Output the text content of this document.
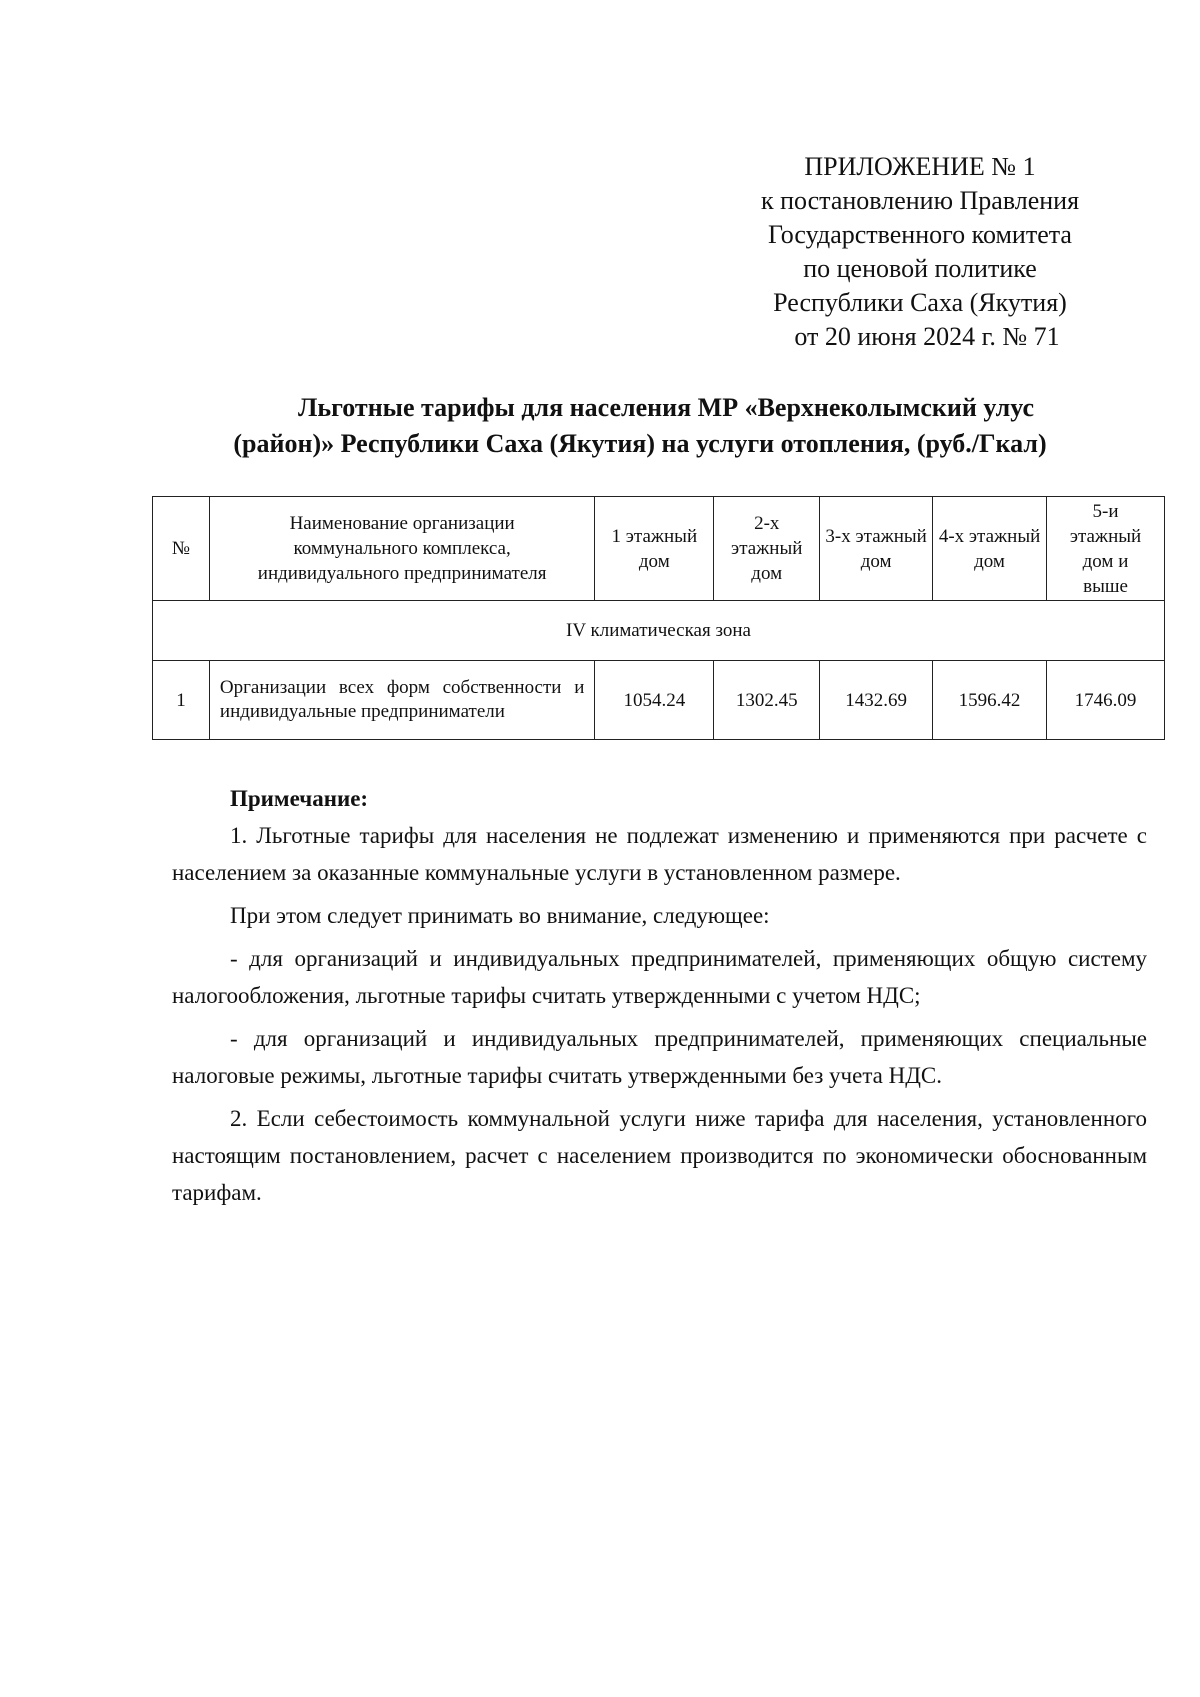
ПРИЛОЖЕНИЕ № 1
к постановлению Правления
Государственного комитета
по ценовой политике
Республики Саха (Якутия)
от 20 июня 2024 г. № 71
Льготные тарифы для населения МР «Верхнеколымский улус
(район)» Республики Саха (Якутия) на услуги отопления, (руб./Гкал)
№	Наименование организации коммунального комплекса, индивидуального предпринимателя	1 этажный дом	2-х этажный дом	3-х этажный дом	4-х этажный дом	5-и этажный дом и выше
IV климатическая зона						
1	Организации всех форм собственности и индивидуальные предприниматели	1054.24	1302.45	1432.69	1596.42	1746.09
Примечание:

1. Льготные тарифы для населения не подлежат изменению и применяются при расчете с населением за оказанные коммунальные услуги в установленном размере.

При этом следует принимать во внимание, следующее:

- для организаций и индивидуальных предпринимателей, применяющих общую систему налогообложения, льготные тарифы считать утвержденными с учетом НДС;

- для организаций и индивидуальных предпринимателей, применяющих специальные налоговые режимы, льготные тарифы считать утвержденными без учета НДС.

2. Если себестоимость коммунальной услуги ниже тарифа для населения, установленного настоящим постановлением, расчет с населением производится по экономически обоснованным тарифам.
